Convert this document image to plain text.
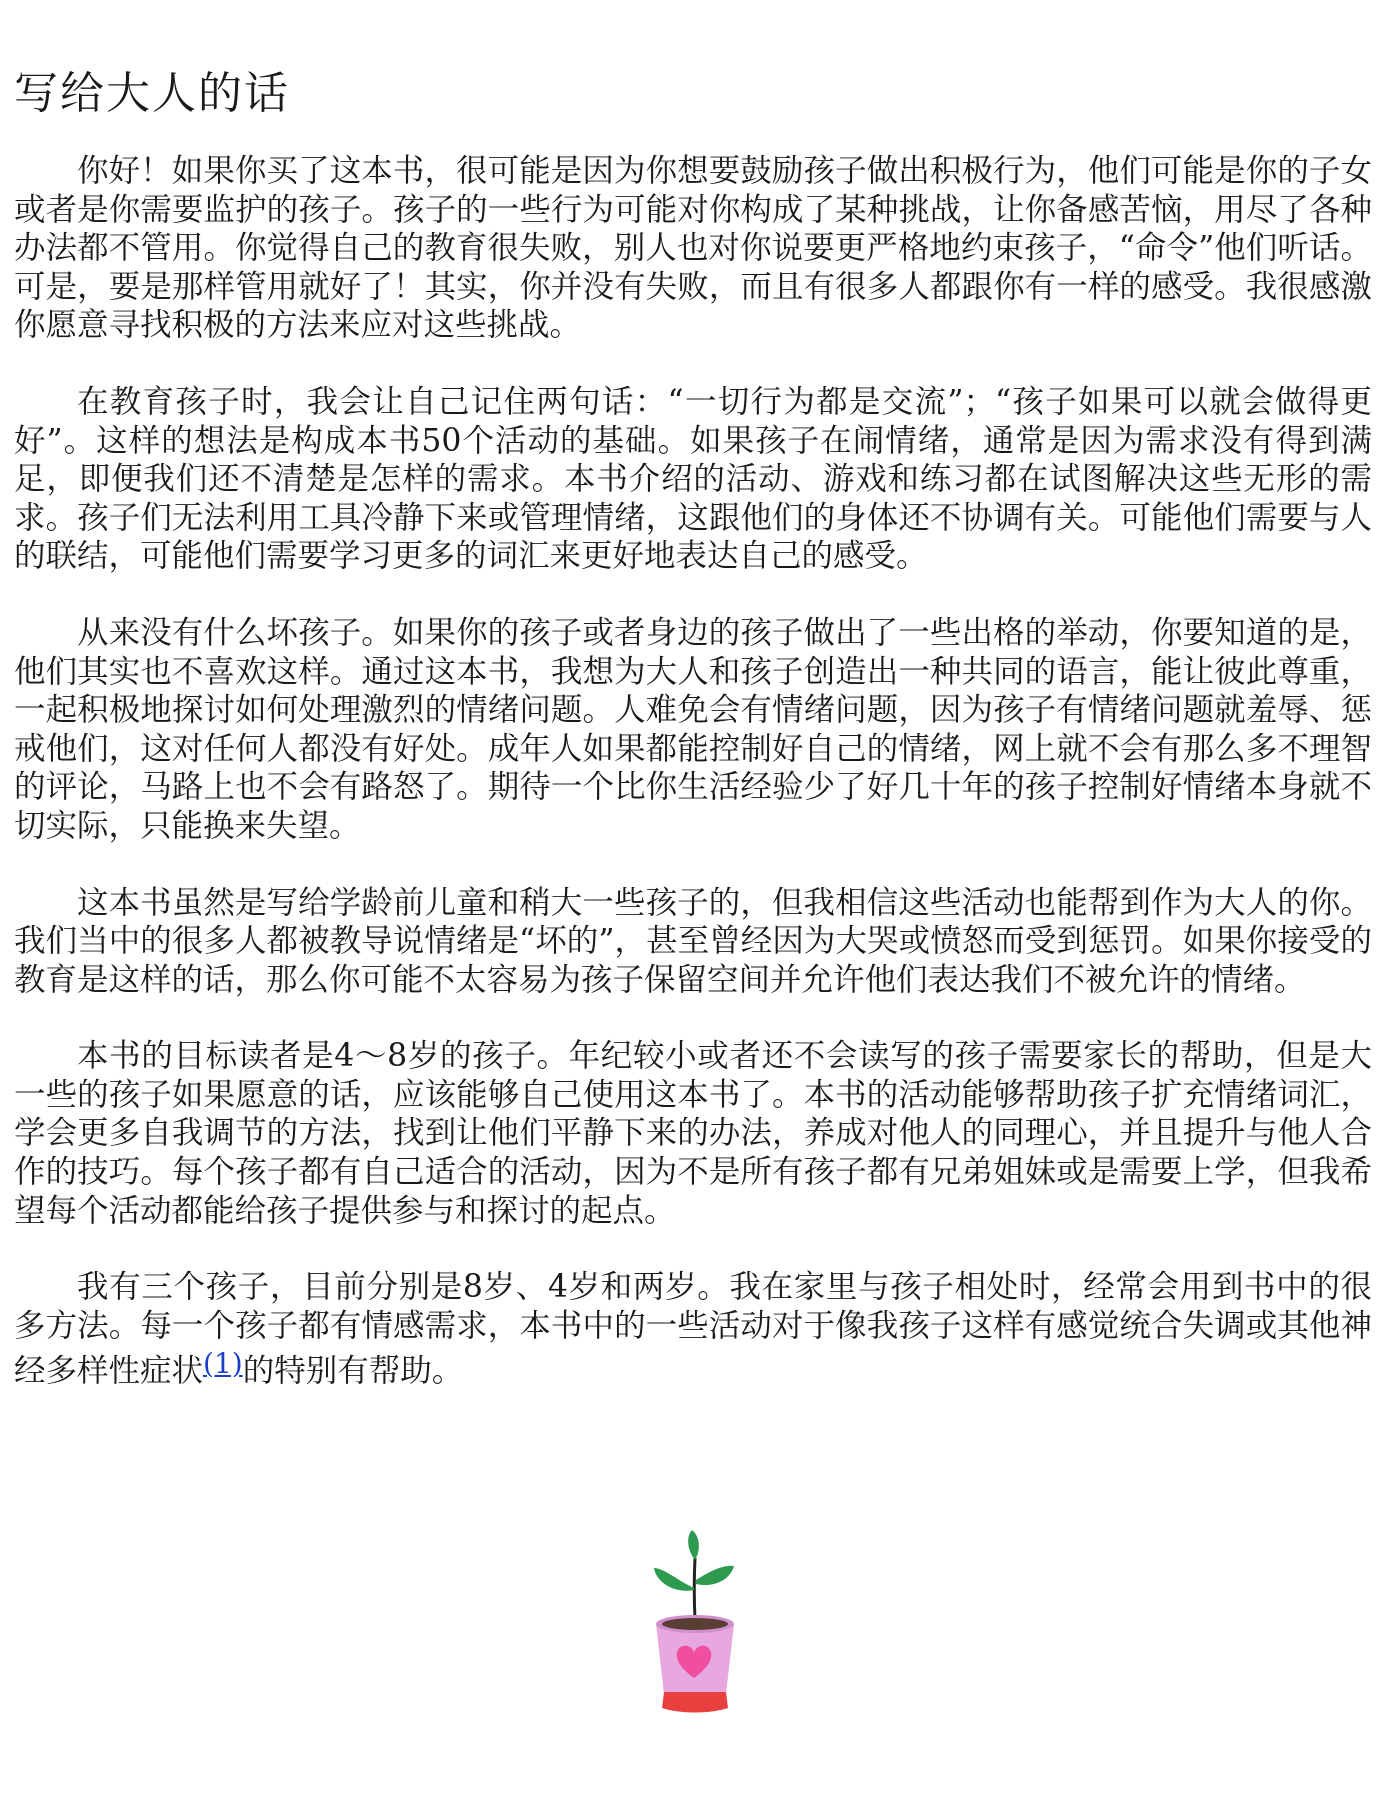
写给大人的话

你好！如果你买了这本书，很可能是因为你想要鼓励孩子做出积极行为，他们可能是你的子女或者是你需要监护的孩子。孩子的一些行为可能对你构成了某种挑战，让你备感苦恼，用尽了各种办法都不管用。你觉得自己的教育很失败，别人也对你说要更严格地约束孩子，“命令”他们听话。可是，要是那样管用就好了！其实，你并没有失败，而且有很多人都跟你有一样的感受。我很感激你愿意寻找积极的方法来应对这些挑战。

在教育孩子时，我会让自己记住两句话：“一切行为都是交流”；“孩子如果可以就会做得更好”。这样的想法是构成本书50个活动的基础。如果孩子在闹情绪，通常是因为需求没有得到满足，即便我们还不清楚是怎样的需求。本书介绍的活动、游戏和练习都在试图解决这些无形的需求。孩子们无法利用工具冷静下来或管理情绪，这跟他们的身体还不协调有关。可能他们需要与人的联结，可能他们需要学习更多的词汇来更好地表达自己的感受。

从来没有什么坏孩子。如果你的孩子或者身边的孩子做出了一些出格的举动，你要知道的是，他们其实也不喜欢这样。通过这本书，我想为大人和孩子创造出一种共同的语言，能让彼此尊重，一起积极地探讨如何处理激烈的情绪问题。人难免会有情绪问题，因为孩子有情绪问题就羞辱、惩戒他们，这对任何人都没有好处。成年人如果都能控制好自己的情绪，网上就不会有那么多不理智的评论，马路上也不会有路怒了。期待一个比你生活经验少了好几十年的孩子控制好情绪本身就不切实际，只能换来失望。

这本书虽然是写给学龄前儿童和稍大一些孩子的，但我相信这些活动也能帮到作为大人的你。我们当中的很多人都被教导说情绪是“坏的”，甚至曾经因为大哭或愤怒而受到惩罚。如果你接受的教育是这样的话，那么你可能不太容易为孩子保留空间并允许他们表达我们不被允许的情绪。

本书的目标读者是4～8岁的孩子。年纪较小或者还不会读写的孩子需要家长的帮助，但是大一些的孩子如果愿意的话，应该能够自己使用这本书了。本书的活动能够帮助孩子扩充情绪词汇，学会更多自我调节的方法，找到让他们平静下来的办法，养成对他人的同理心，并且提升与他人合作的技巧。每个孩子都有自己适合的活动，因为不是所有孩子都有兄弟姐妹或是需要上学，但我希望每个活动都能给孩子提供参与和探讨的起点。

我有三个孩子，目前分别是8岁、4岁和两岁。我在家里与孩子相处时，经常会用到书中的很多方法。每一个孩子都有情感需求，本书中的一些活动对于像我孩子这样有感觉统合失调或其他神经多样性症状(1)的特别有帮助。
